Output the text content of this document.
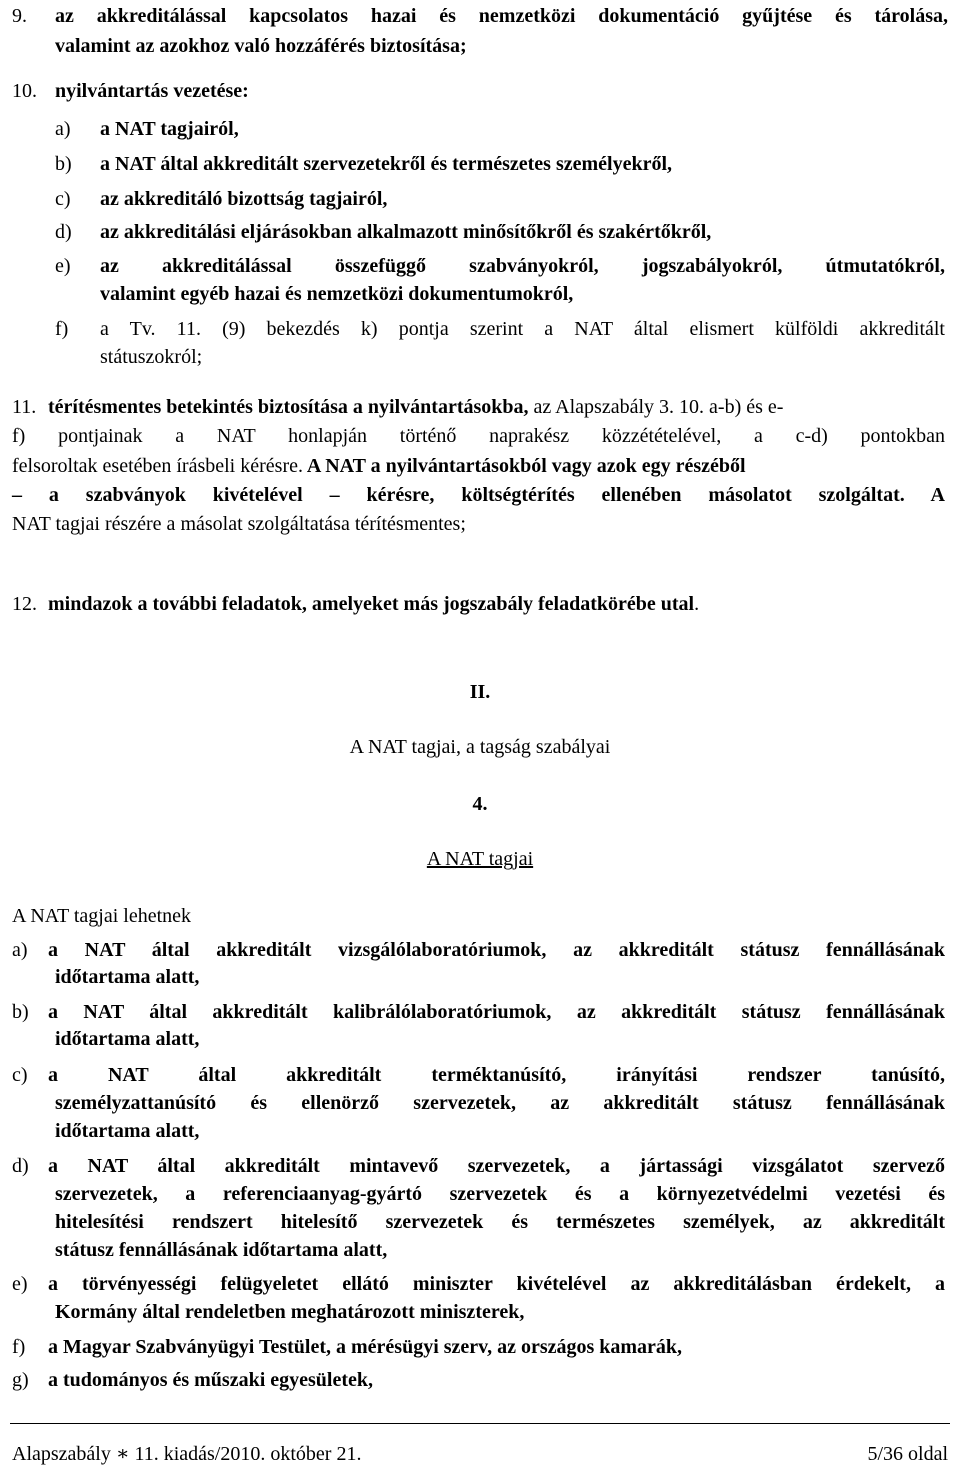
9. az akkreditálással kapcsolatos hazai és nemzetközi dokumentáció gyűjtése és tárolása,
valamint az azokhoz való hozzáférés biztosítása;
10. nyilvántartás vezetése:
a) a NAT tagjairól,
b) a NAT által akkreditált szervezetekről és természetes személyekről,
c) az akkreditáló bizottság tagjairól,
d) az akkreditálási eljárásokban alkalmazott minősítőkről és szakértőkről,
e) az akkreditálással összefüggő szabványokról, jogszabályokról, útmutatókról,
valamint egyéb hazai és nemzetközi dokumentumokról,
f) a Tv. 11. (9) bekezdés k) pontja szerint a NAT által elismert külföldi akkreditált
státuszokról;
11. térítésmentes betekintés biztosítása a nyilvántartásokba, az Alapszabály 3. 10. a-b) és e-
f) pontjainak a NAT honlapján történő naprakész közzétételével, a c-d) pontokban
felsoroltak esetében írásbeli kérésre. A NAT a nyilvántartásokból vagy azok egy részéből
– a szabványok kivételével – kérésre, költségtérítés ellenében másolatot szolgáltat. A
NAT tagjai részére a másolat szolgáltatása térítésmentes;
12. mindazok a további feladatok, amelyeket más jogszabály feladatkörébe utal.
II.
A NAT tagjai, a tagság szabályai
4.
A NAT tagjai
A NAT tagjai lehetnek
a) a NAT által akkreditált vizsgálólaboratóriumok, az akkreditált státusz fennállásának
időtartama alatt,
b) a NAT által akkreditált kalibrálólaboratóriumok, az akkreditált státusz fennállásának
időtartama alatt,
c) a NAT által akkreditált terméktanúsító, irányítási rendszer tanúsító,
személyzattanúsító és ellenörző szervezetek, az akkreditált státusz fennállásának
időtartama alatt,
d) a NAT által akkreditált mintavevő szervezetek, a jártassági vizsgálatot szervező
szervezetek, a referenciaanyag-gyártó szervezetek és a környezetvédelmi vezetési és
hitelesítési rendszert hitelesítő szervezetek és természetes személyek, az akkreditált
státusz fennállásának időtartama alatt,
e) a törvényességi felügyeletet ellátó miniszter kivételével az akkreditálásban érdekelt, a
Kormány által rendeletben meghatározott miniszterek,
f) a Magyar Szabványügyi Testület, a mérésügyi szerv, az országos kamarák,
g) a tudományos és műszaki egyesületek,
Alapszabály ∗ 11. kiadás/2010. október 21.	5/36 oldal
